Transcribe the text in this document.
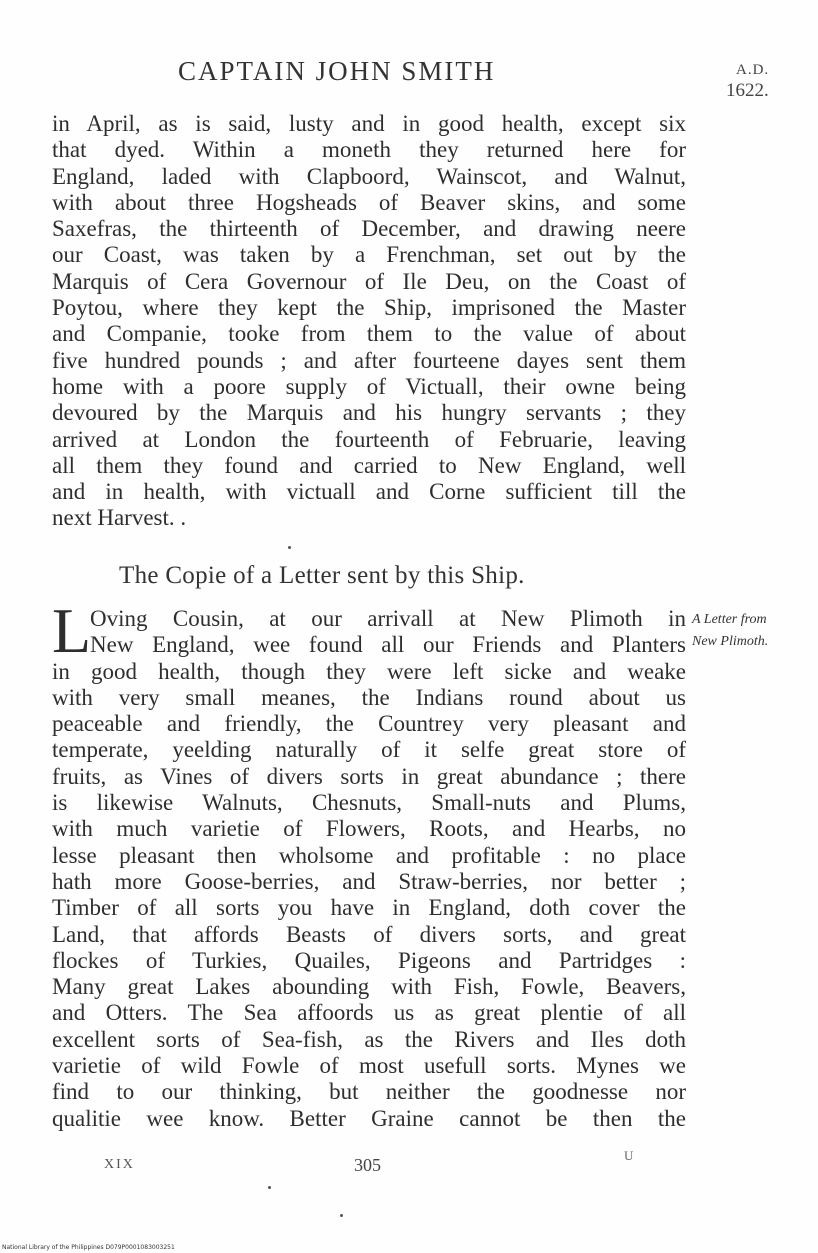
CAPTAIN JOHN SMITH	A.D.
1622.
in April, as is said, lusty and in good health, except six
that dyed. Within a moneth they returned here for
England, laded with Clapboord, Wainscot, and Walnut,
with about three Hogsheads of Beaver skins, and some
Saxefras, the thirteenth of December, and drawing neere
our Coast, was taken by a Frenchman, set out by the
Marquis of Cera Governour of Ile Deu, on the Coast of
Poytou, where they kept the Ship, imprisoned the Master
and Companie, tooke from them to the value of about
five hundred pounds ; and after fourteene dayes sent them
home with a poore supply of Victuall, their owne being
devoured by the Marquis and his hungry servants ; they
arrived at London the fourteenth of Februarie, leaving
all them they found and carried to New England, well
and in health, with victuall and Corne sufficient till the
next Harvest. .
The Copie of a Letter sent by this Ship.
L
Oving Cousin, at our arrivall at New Plimoth in
New England, wee found all our Friends and Planters
in good health, though they were left sicke and weake
with very small meanes, the Indians round about us
peaceable and friendly, the Countrey very pleasant and
temperate, yeelding naturally of it selfe great store of
fruits, as Vines of divers sorts in great abundance ; there
is likewise Walnuts, Chesnuts, Small-nuts and Plums,
with much varietie of Flowers, Roots, and Hearbs, no
lesse pleasant then wholsome and profitable : no place
hath more Goose-berries, and Straw-berries, nor better ;
Timber of all sorts you have in England, doth cover the
Land, that affords Beasts of divers sorts, and great
flockes of Turkies, Quailes, Pigeons and Partridges :
Many great Lakes abounding with Fish, Fowle, Beavers,
and Otters. The Sea affoords us as great plentie of all
excellent sorts of Sea-fish, as the Rivers and Iles doth
varietie of wild Fowle of most usefull sorts. Mynes we
find to our thinking, but neither the goodnesse nor
qualitie wee know. Better Graine cannot be then the
A Letter from
New Plimoth.
XIX	305	U
National Library of the Philippines D079P0001083003251
